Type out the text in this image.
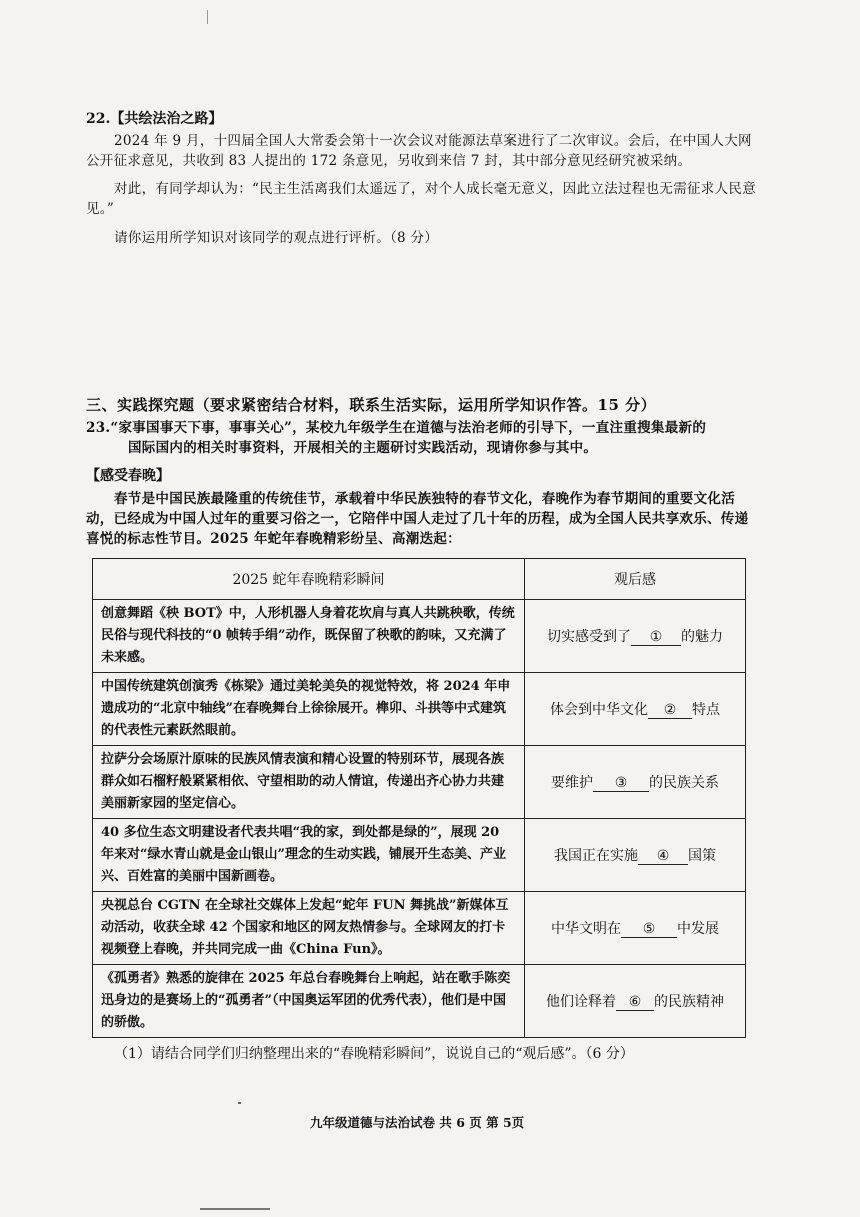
22.【共绘法治之路】
2024 年 9 月，十四届全国人大常委会第十一次会议对能源法草案进行了二次审议。会后，在中国人大网公开征求意见，共收到 83 人提出的 172 条意见，另收到来信 7 封，其中部分意见经研究被采纳。
对此，有同学却认为：“民主生活离我们太遥远了，对个人成长毫无意义，因此立法过程也无需征求人民意见。”
请你运用所学知识对该同学的观点进行评析。（8 分）
三、实践探究题（要求紧密结合材料，联系生活实际，运用所学知识作答。15 分）
23.“家事国事天下事，事事关心”，某校九年级学生在道德与法治老师的引导下，一直注重搜集最新的
国际国内的相关时事资料，开展相关的主题研讨实践活动，现请你参与其中。
【感受春晚】
春节是中国民族最隆重的传统佳节，承载着中华民族独特的春节文化，春晚作为春节期间的重要文化活动，已经成为中国人过年的重要习俗之一，它陪伴中国人走过了几十年的历程，成为全国人民共享欢乐、传递喜悦的标志性节目。2025 年蛇年春晚精彩纷呈、高潮迭起：
2025 蛇年春晚精彩瞬间	观后感
创意舞蹈《秧 BOT》中，人形机器人身着花坎肩与真人共跳秧歌，传统民俗与现代科技的“0 帧转手绢”动作，既保留了秧歌的韵味，又充满了未来感。	切实感受到了 ① 的魅力
中国传统建筑创演秀《栋梁》通过美轮美奂的视觉特效，将 2024 年申遗成功的“北京中轴线”在春晚舞台上徐徐展开。榫卯、斗拱等中式建筑的代表性元素跃然眼前。	体会到中华文化 ② 特点
拉萨分会场原汁原味的民族风情表演和精心设置的特别环节，展现各族群众如石榴籽般紧紧相依、守望相助的动人情谊，传递出齐心协力共建美丽新家园的坚定信心。	要维护 ③ 的民族关系
40 多位生态文明建设者代表共唱“我的家，到处都是绿的”，展现 20 年来对“绿水青山就是金山银山”理念的生动实践，铺展开生态美、产业兴、百姓富的美丽中国新画卷。	我国正在实施 ④ 国策
央视总台 CGTN 在全球社交媒体上发起“蛇年 FUN 舞挑战”新媒体互动活动，收获全球 42 个国家和地区的网友热情参与。全球网友的打卡视频登上春晚，并共同完成一曲《China Fun》。	中华文明在 ⑤ 中发展
《孤勇者》熟悉的旋律在 2025 年总台春晚舞台上响起，站在歌手陈奕迅身边的是赛场上的“孤勇者”（中国奥运军团的优秀代表），他们是中国的骄傲。	他们诠释着 ⑥ 的民族精神
（1）请结合同学们归纳整理出来的“春晚精彩瞬间”，说说自己的“观后感”。（6 分）
九年级道德与法治试卷 共 6 页 第 5页
